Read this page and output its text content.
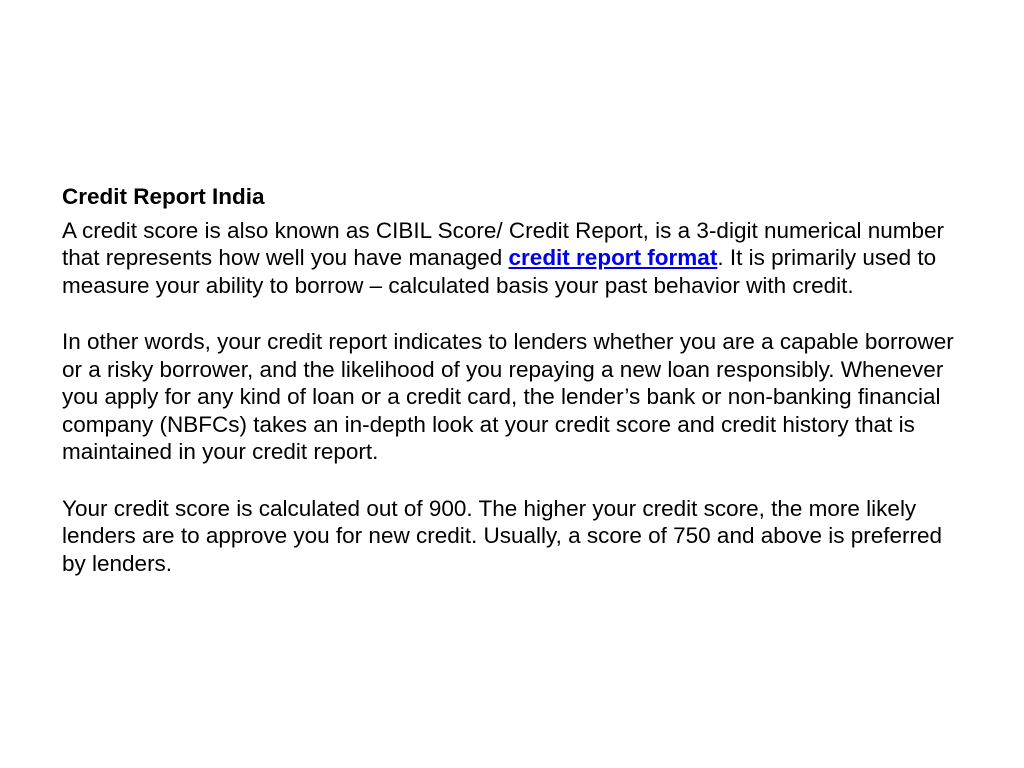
Credit Report India

A credit score is also known as CIBIL Score/ Credit Report, is a 3-digit numerical number that represents how well you have managed credit report format. It is primarily used to measure your ability to borrow – calculated basis your past behavior with credit.

In other words, your credit report indicates to lenders whether you are a capable borrower or a risky borrower, and the likelihood of you repaying a new loan responsibly. Whenever you apply for any kind of loan or a credit card, the lender’s bank or non-banking financial company (NBFCs) takes an in-depth look at your credit score and credit history that is maintained in your credit report.

Your credit score is calculated out of 900. The higher your credit score, the more likely lenders are to approve you for new credit. Usually, a score of 750 and above is preferred by lenders.
